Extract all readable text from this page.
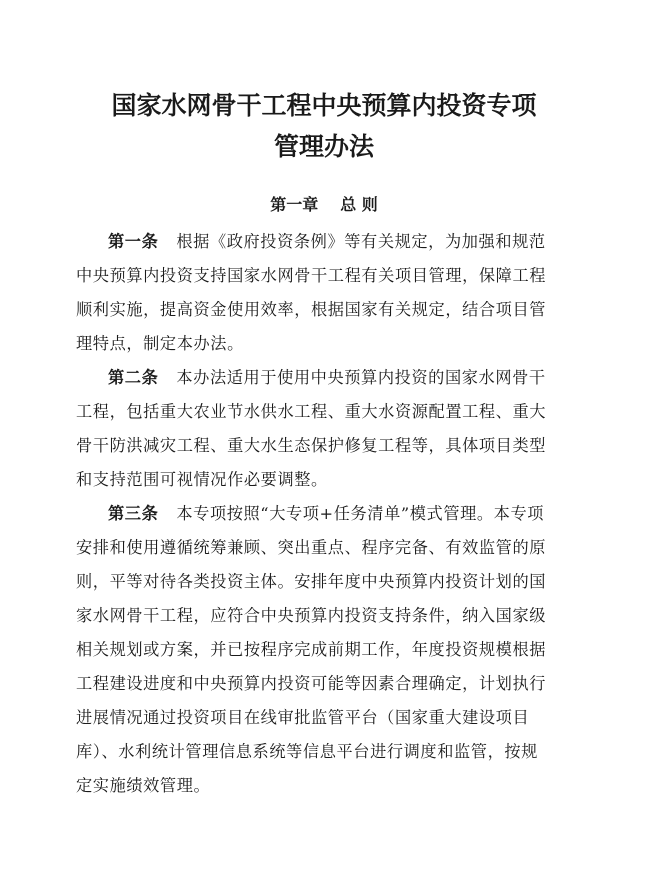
国家水网骨干工程中央预算内投资专项
管理办法
第一章 总 则

第一条 根据《政府投资条例》等有关规定，为加强和规范
中央预算内投资支持国家水网骨干工程有关项目管理，保障工程
顺利实施，提高资金使用效率，根据国家有关规定，结合项目管
理特点，制定本办法。

第二条 本办法适用于使用中央预算内投资的国家水网骨干
工程，包括重大农业节水供水工程、重大水资源配置工程、重大
骨干防洪减灾工程、重大水生态保护修复工程等，具体项目类型
和支持范围可视情况作必要调整。

第三条 本专项按照“大专项+任务清单”模式管理。本专项
安排和使用遵循统筹兼顾、突出重点、程序完备、有效监管的原
则，平等对待各类投资主体。安排年度中央预算内投资计划的国
家水网骨干工程，应符合中央预算内投资支持条件，纳入国家级
相关规划或方案，并已按程序完成前期工作，年度投资规模根据
工程建设进度和中央预算内投资可能等因素合理确定，计划执行
进展情况通过投资项目在线审批监管平台（国家重大建设项目
库）、水利统计管理信息系统等信息平台进行调度和监管，按规
定实施绩效管理。
